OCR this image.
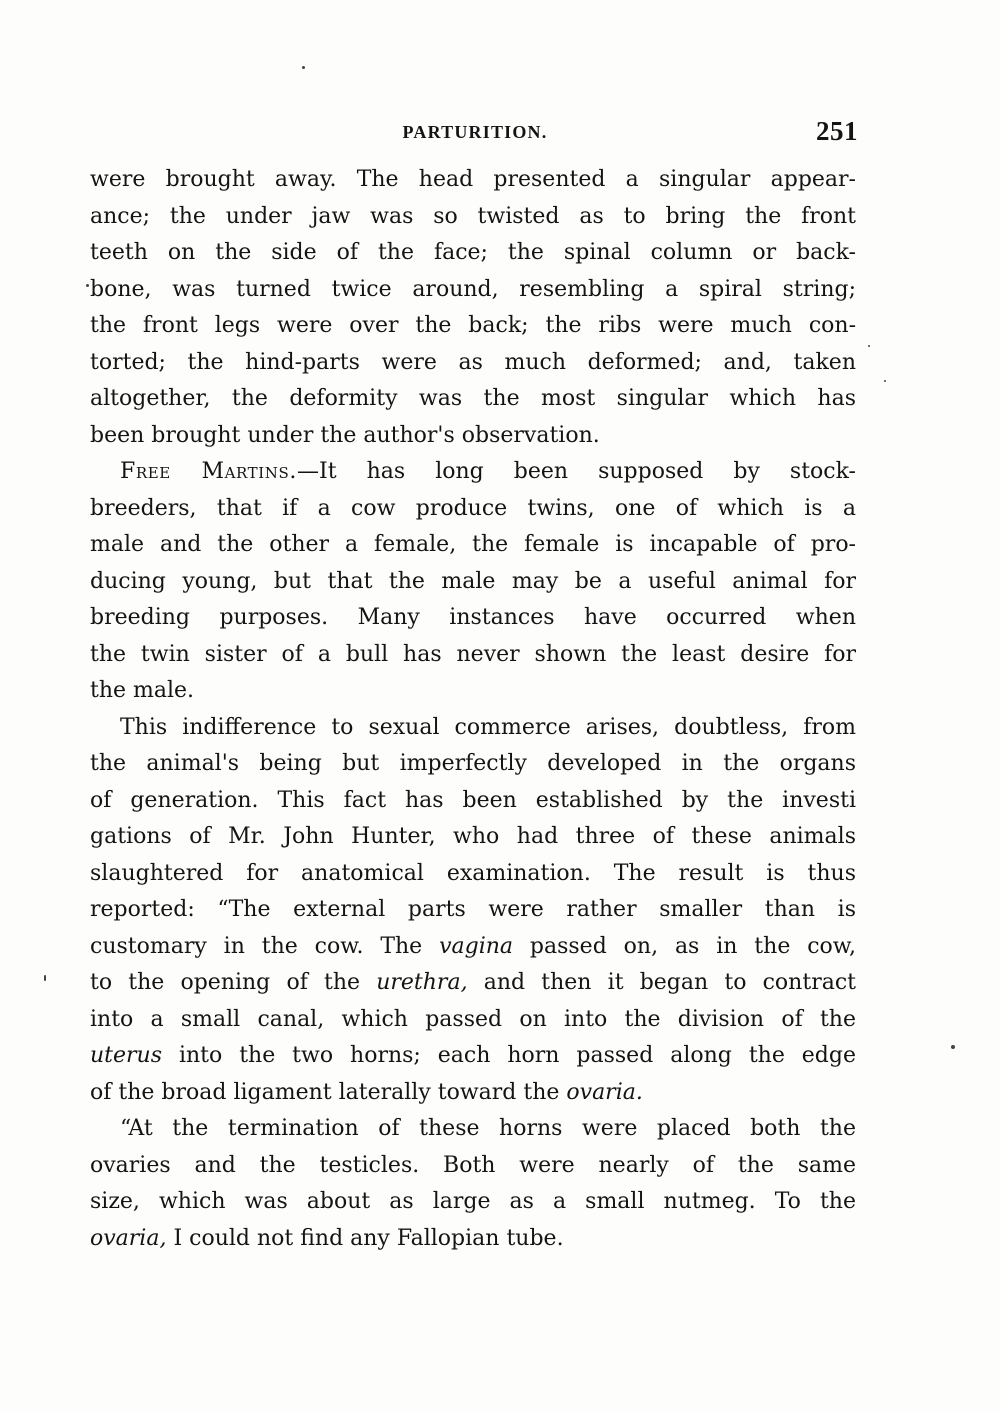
PARTURITION.	251
were brought away. The head presented a singular appear-
ance; the under jaw was so twisted as to bring the front
teeth on the side of the face; the spinal column or back-
bone, was turned twice around, resembling a spiral string;
the front legs were over the back; the ribs were much con-
torted; the hind-parts were as much deformed; and, taken
altogether, the deformity was the most singular which has
been brought under the author's observation.
Free Martins.—It has long been supposed by stock-
breeders, that if a cow produce twins, one of which is a
male and the other a female, the female is incapable of pro-
ducing young, but that the male may be a useful animal for
breeding purposes. Many instances have occurred when
the twin sister of a bull has never shown the least desire for
the male.
This indifference to sexual commerce arises, doubtless, from
the animal's being but imperfectly developed in the organs
of generation. This fact has been established by the investi
gations of Mr. John Hunter, who had three of these animals
slaughtered for anatomical examination. The result is thus
reported: “The external parts were rather smaller than is
customary in the cow. The vagina passed on, as in the cow,
to the opening of the urethra, and then it began to contract
into a small canal, which passed on into the division of the
uterus into the two horns; each horn passed along the edge
of the broad ligament laterally toward the ovaria.
“At the termination of these horns were placed both the
ovaries and the testicles. Both were nearly of the same
size, which was about as large as a small nutmeg. To the
ovaria, I could not find any Fallopian tube.
